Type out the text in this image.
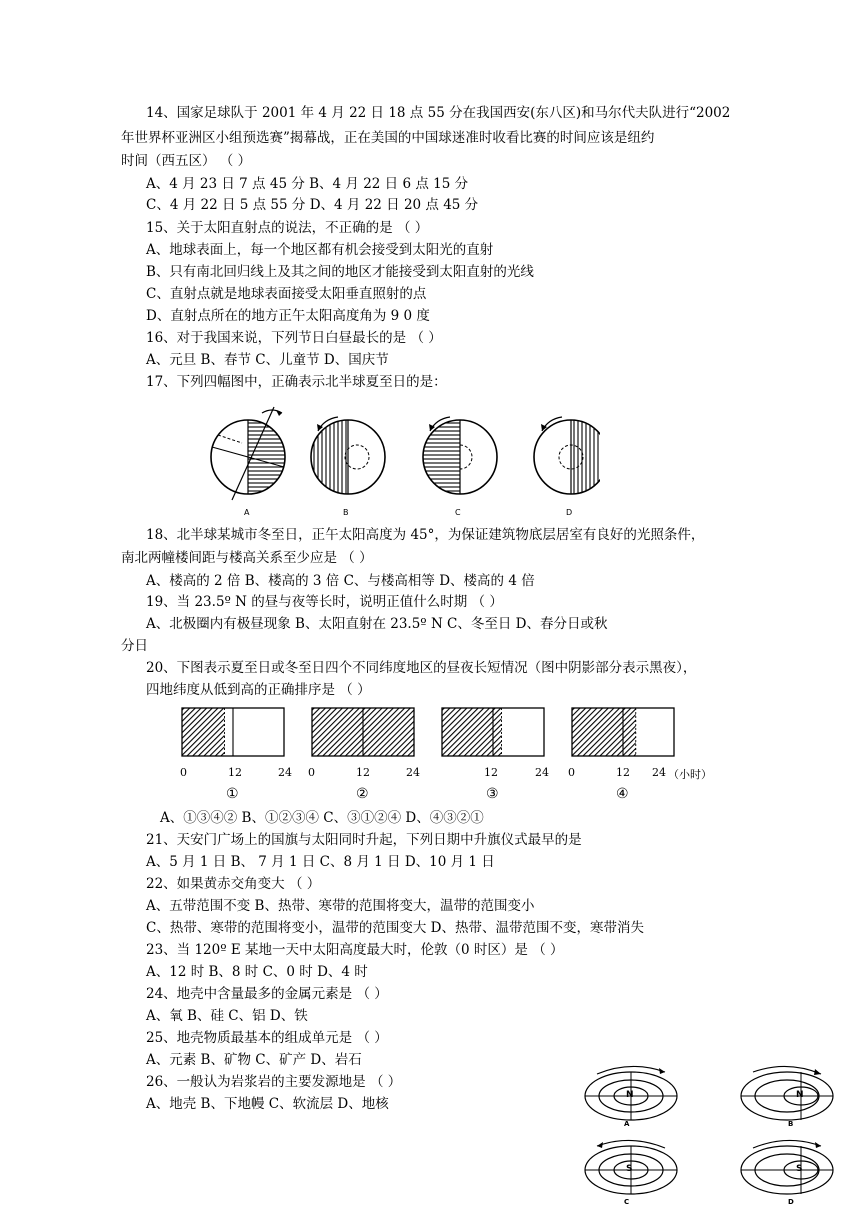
14、国家足球队于 2001 年 4 月 22 日 18 点 55 分在我国西安(东八区)和马尔代夫队进行“2002
年世界杯亚洲区小组预选赛”揭幕战，正在美国的中国球迷准时收看比赛的时间应该是纽约
时间（西五区） （ ）
A、4 月 23 日 7 点 45 分 B、4 月 22 日 6 点 15 分
C、4 月 22 日 5 点 55 分 D、4 月 22 日 20 点 45 分
15、关于太阳直射点的说法，不正确的是 （ ）
A、地球表面上，每一个地区都有机会接受到太阳光的直射
B、只有南北回归线上及其之间的地区才能接受到太阳直射的光线
C、直射点就是地球表面接受太阳垂直照射的点
D、直射点所在的地方正午太阳高度角为 9 0 度
16、对于我国来说，下列节日白昼最长的是 （ ）
A、元旦 B、春节 C、儿童节 D、国庆节
17、下列四幅图中，正确表示北半球夏至日的是：
A	B	C	D
18、北半球某城市冬至日，正午太阳高度为 45°，为保证建筑物底层居室有良好的光照条件，
南北两幢楼间距与楼高关系至少应是 （ ）
A、楼高的 2 倍 B、楼高的 3 倍 C、与楼高相等 D、楼高的 4 倍
19、当 23.5º N 的昼与夜等长时，说明正值什么时期 （ ）
A、北极圈内有极昼现象 B、太阳直射在 23.5º N C、冬至日 D、春分日或秋
分日
20、下图表示夏至日或冬至日四个不同纬度地区的昼夜长短情况（图中阴影部分表示黑夜），
四地纬度从低到高的正确排序是 （ ）
0	12	24 0	12	24	12	24 0	12 24 （小时）
①	②	③	④
A、①③④② B、①②③④ C、③①②④ D、④③②①
21、天安门广场上的国旗与太阳同时升起，下列日期中升旗仪式最早的是
A、5 月 1 日 B、 7 月 1 日 C、8 月 1 日 D、10 月 1 日
22、如果黄赤交角变大 （ ）
A、五带范围不变 B、热带、寒带的范围将变大，温带的范围变小
C、热带、寒带的范围将变小，温带的范围变大 D、热带、温带范围不变，寒带消失
23、当 120º E 某地一天中太阳高度最大时，伦敦（0 时区）是 （ ）
A、12 时 B、8 时 C、0 时 D、4 时
24、地壳中含量最多的金属元素是 （ ）
A、氧 B、硅 C、铝 D、铁
25、地壳物质最基本的组成单元是 （ ）
A、元素 B、矿物 C、矿产 D、岩石
26、一般认为岩浆岩的主要发源地是 （ ）
A、地壳 B、下地幔 C、软流层 D、地核
N	N
S	S
A	B
C	D
